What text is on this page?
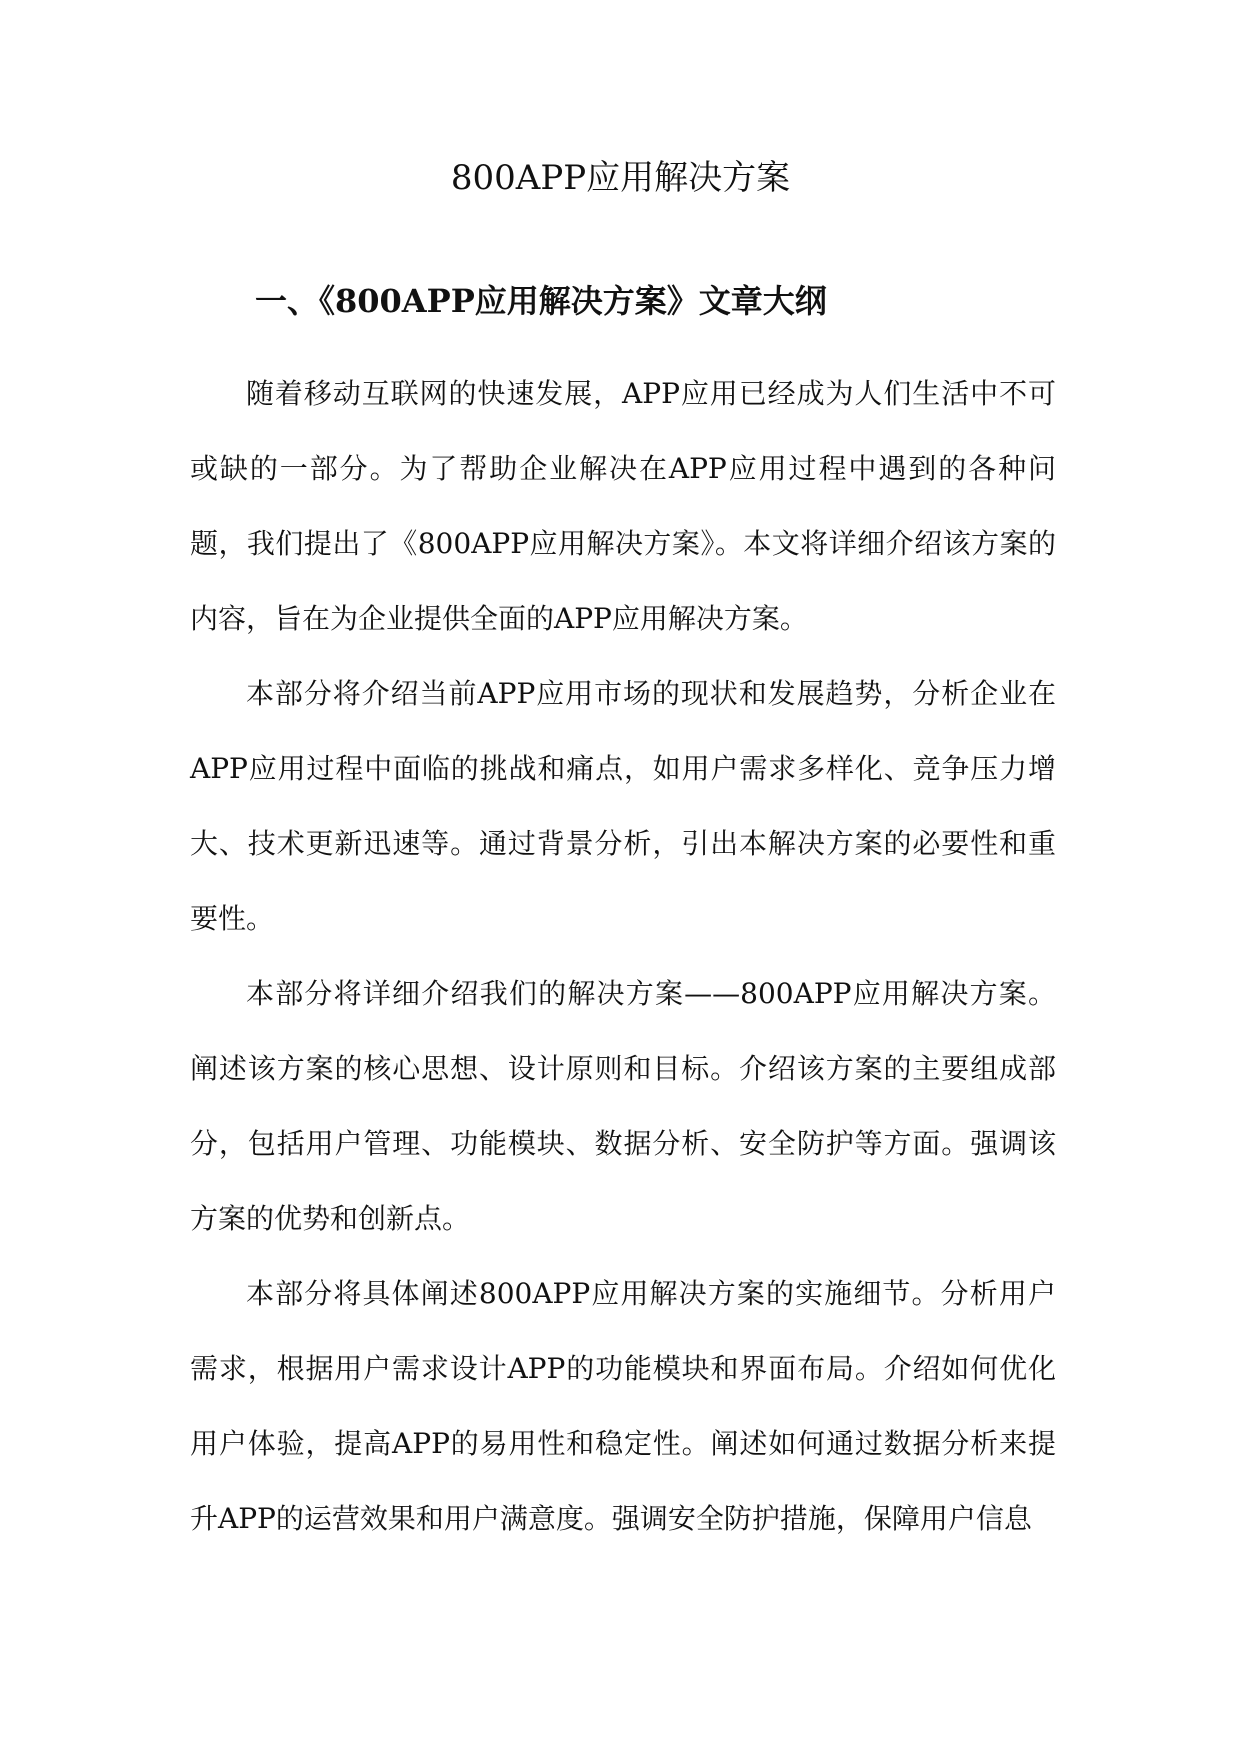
800APP应用解决方案
一、《800APP应用解决方案》文章大纲

随着移动互联网的快速发展，APP应用已经成为人们生活中不可或缺的一部分。为了帮助企业解决在APP应用过程中遇到的各种问题，我们提出了《800APP应用解决方案》。本文将详细介绍该方案的内容，旨在为企业提供全面的APP应用解决方案。

本部分将介绍当前APP应用市场的现状和发展趋势，分析企业在APP应用过程中面临的挑战和痛点，如用户需求多样化、竞争压力增大、技术更新迅速等。通过背景分析，引出本解决方案的必要性和重要性。

本部分将详细介绍我们的解决方案——800APP应用解决方案。阐述该方案的核心思想、设计原则和目标。介绍该方案的主要组成部分，包括用户管理、功能模块、数据分析、安全防护等方面。强调该方案的优势和创新点。

本部分将具体阐述800APP应用解决方案的实施细节。分析用户需求，根据用户需求设计APP的功能模块和界面布局。介绍如何优化用户体验，提高APP的易用性和稳定性。阐述如何通过数据分析来提升APP的运营效果和用户满意度。强调安全防护措施，保障用户信息
